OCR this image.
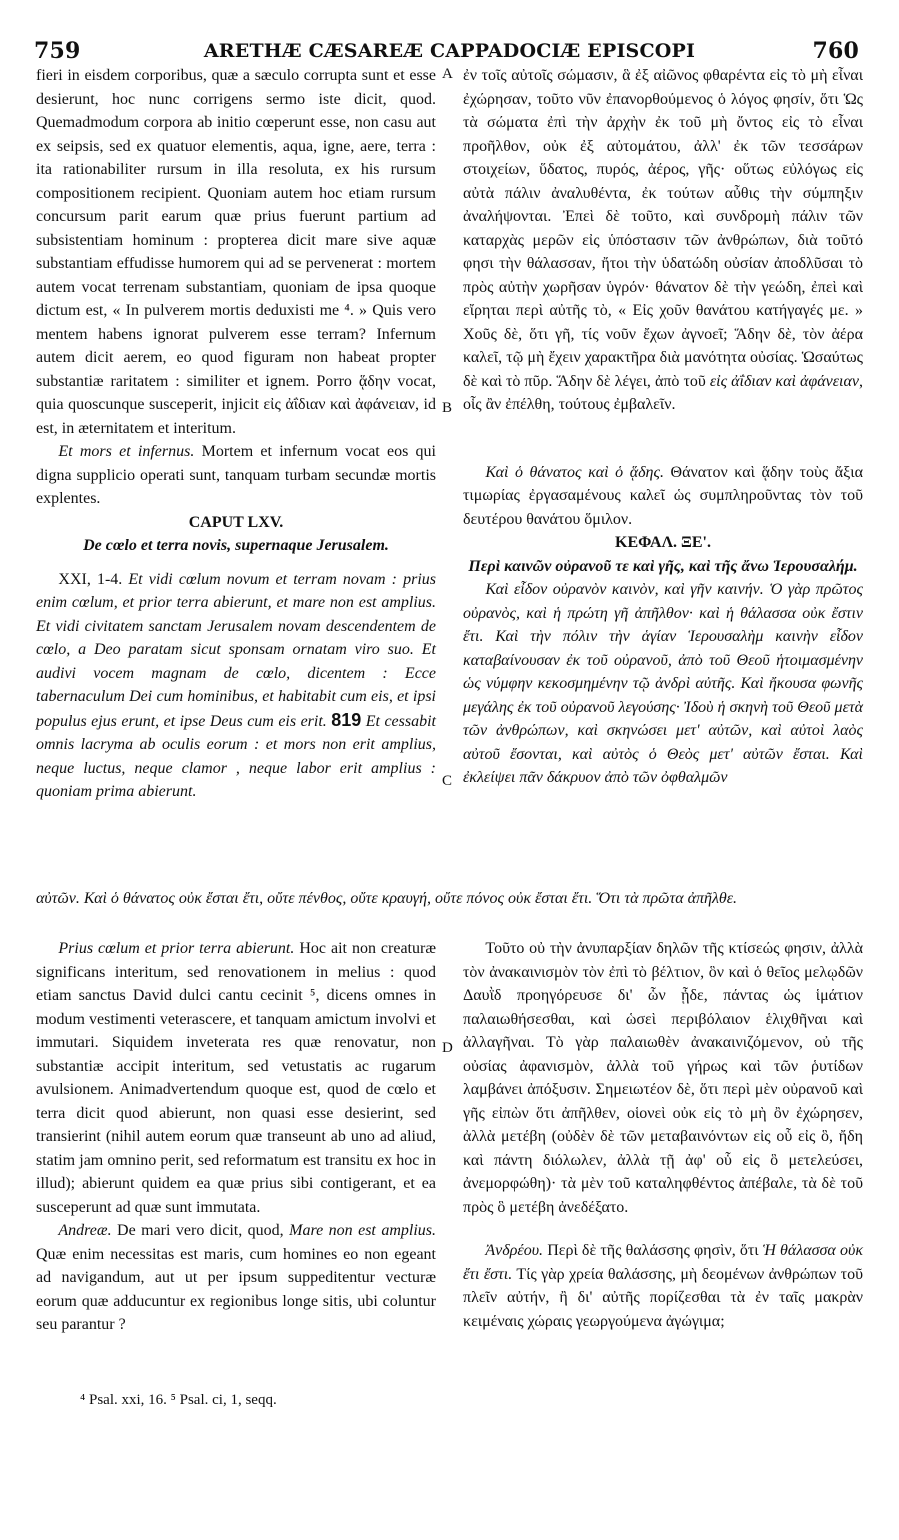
759	ARETHÆ CÆSAREÆ CAPPADOCIÆ EPISCOPI	760
A
B
C
D

fieri in eisdem corporibus, quæ a sæculo corrupta sunt et esse desierunt, hoc nunc corrigens sermo iste dicit, quod. Quemadmodum corpora ab initio cœperunt esse, non casu aut ex seipsis, sed ex quatuor elementis, aqua, igne, aere, terra : ita rationabiliter rursum in illa resoluta, ex his rursum compositionem recipient. Quoniam autem hoc etiam rursum concursum parit earum quæ prius fuerunt partium ad subsistentiam hominum : propterea dicit mare sive aquæ substantiam effudisse humorem qui ad se pervenerat : mortem autem vocat terrenam substantiam, quoniam de ipsa quoque dictum est, « In pulverem mortis deduxisti me ⁴. » Quis vero mentem habens ignorat pulverem esse terram? Infernum autem dicit aerem, eo quod figuram non habeat propter substantiæ raritatem : similiter et ignem. Porro ᾅδην vocat, quia quoscunque susceperit, injicit εἰς ἀΐδιαν καὶ ἀφάνειαν, id est, in æternitatem et interitum.

Et mors et infernus. Mortem et infernum vocat eos qui digna supplicio operati sunt, tanquam turbam secundæ mortis explentes.

CAPUT LXV.

De cœlo et terra novis, supernaque Jerusalem.

XXI, 1-4. Et vidi cœlum novum et terram novam : prius enim cœlum, et prior terra abierunt, et mare non est amplius. Et vidi civitatem sanctam Jerusalem novam descendentem de cœlo, a Deo paratam sicut sponsam ornatam viro suo. Et audivi vocem magnam de cœlo, dicentem : Ecce tabernaculum Dei cum hominibus, et habitabit cum eis, et ipsi populus ejus erunt, et ipse Deus cum eis erit. 819 Et cessabit omnis lacryma ab oculis eorum : et mors non erit amplius, neque luctus, neque clamor , neque labor erit amplius : quoniam prima abierunt.

ἐν τοῖς αὐτοῖς σώμασιν, ἃ ἐξ αἰῶνος φθαρέντα εἰς τὸ μὴ εἶναι ἐχώρησαν, τοῦτο νῦν ἐπανορθούμενος ὁ λόγος φησίν, ὅτι Ὡς τὰ σώματα ἐπὶ τὴν ἀρχὴν ἐκ τοῦ μὴ ὄντος εἰς τὸ εἶναι προῆλθον, οὐκ ἐξ αὐτομάτου, ἀλλ' ἐκ τῶν τεσσάρων στοιχείων, ὕδατος, πυρός, ἀέρος, γῆς· οὕτως εὐλόγως εἰς αὐτὰ πάλιν ἀναλυθέντα, ἐκ τούτων αὖθις τὴν σύμπηξιν ἀναλήψονται. Ἐπεὶ δὲ τοῦτο, καὶ συνδρομὴ πάλιν τῶν καταρχὰς μερῶν εἰς ὑπόστασιν τῶν ἀνθρώπων, διὰ τοῦτό φησι τὴν θάλασσαν, ἤτοι τὴν ὑδατώδη οὐσίαν ἀποδλῦσαι τὸ πρὸς αὐτὴν χωρῆσαν ὑγρόν· θάνατον δὲ τὴν γεώδη, ἐπεὶ καὶ εἴρηται περὶ αὐτῆς τὸ, « Εἰς χοῦν θανάτου κατήγαγές με. » Χοῦς δὲ, ὅτι γῆ, τίς νοῦν ἔχων ἀγνοεῖ; Ἅδην δὲ, τὸν ἀέρα καλεῖ, τῷ μὴ ἔχειν χαρακτῆρα διὰ μανότητα οὐσίας. Ὡσαύτως δὲ καὶ τὸ πῦρ. Ἅδην δὲ λέγει, ἀπὸ τοῦ εἰς ἀΐδιαν καὶ ἀφάνειαν, οἷς ἂν ἐπέλθη, τούτους ἐμβαλεῖν.

Καὶ ὁ θάνατος καὶ ὁ ᾅδης. Θάνατον καὶ ᾅδην τοὺς ἄξια τιμωρίας ἐργασαμένους καλεῖ ὡς συμπληροῦντας τὸν τοῦ δευτέρου θανάτου ὅμιλον.

ΚΕΦΑΛ. ΞΕ'.

Περὶ καινῶν οὐρανοῦ τε καὶ γῆς, καὶ τῆς ἄνω Ἱερουσαλήμ.

Καὶ εἶδον οὐρανὸν καινὸν, καὶ γῆν καινήν. Ὁ γὰρ πρῶτος οὐρανὸς, καὶ ἡ πρώτη γῆ ἀπῆλθον· καὶ ἡ θάλασσα οὐκ ἔστιν ἔτι. Καὶ τὴν πόλιν τὴν ἁγίαν Ἱερουσαλὴμ καινὴν εἶδον καταβαίνουσαν ἐκ τοῦ οὐρανοῦ, ἀπὸ τοῦ Θεοῦ ἡτοιμασμένην ὡς νύμφην κεκοσμημένην τῷ ἀνδρὶ αὐτῆς. Καὶ ἤκουσα φωνῆς μεγάλης ἐκ τοῦ οὐρανοῦ λεγούσης· Ἰδοὺ ἡ σκηνὴ τοῦ Θεοῦ μετὰ τῶν ἀνθρώπων, καὶ σκηνώσει μετ' αὐτῶν, καὶ αὐτοὶ λαὸς αὐτοῦ ἔσονται, καὶ αὐτὸς ὁ Θεὸς μετ' αὐτῶν ἔσται. Καὶ ἐκλείψει πᾶν δάκρυον ἀπὸ τῶν ὀφθαλμῶν

αὐτῶν. Καὶ ὁ θάνατος οὐκ ἔσται ἔτι, οὔτε πένθος, οὔτε κραυγή, οὔτε πόνος οὐκ ἔσται ἔτι. Ὅτι τὰ πρῶτα ἀπῆλθε.

Prius cœlum et prior terra abierunt. Hoc ait non creaturæ significans interitum, sed renovationem in melius : quod etiam sanctus David dulci cantu cecinit ⁵, dicens omnes in modum vestimenti veterascere, et tanquam amictum involvi et immutari. Siquidem inveterata res quæ renovatur, non substantiæ accipit interitum, sed vetustatis ac rugarum avulsionem. Animadvertendum quoque est, quod de cœlo et terra dicit quod abierunt, non quasi esse desierint, sed transierint (nihil autem eorum quæ transeunt ab uno ad aliud, statim jam omnino perit, sed reformatum est transitu ex hoc in illud); abierunt quidem ea quæ prius sibi contigerant, et ea susceperunt ad quæ sunt immutata.

Andreæ. De mari vero dicit, quod, Mare non est amplius. Quæ enim necessitas est maris, cum homines eo non egeant ad navigandum, aut ut per ipsum suppeditentur vecturæ eorum quæ adducuntur ex regionibus longe sitis, ubi coluntur seu parantur ?

Τοῦτο οὐ τὴν ἀνυπαρξίαν δηλῶν τῆς κτίσεώς φησιν, ἀλλὰ τὸν ἀνακαινισμὸν τὸν ἐπὶ τὸ βέλτιον, ὃν καὶ ὁ θεῖος μελῳδῶν Δαυῒδ προηγόρευσε δι' ὧν ᾖδε, πάντας ὡς ἱμάτιον παλαιωθήσεσθαι, καὶ ὡσεὶ περιβόλαιον ἑλιχθῆναι καὶ ἀλλαγῆναι. Τὸ γὰρ παλαιωθὲν ἀνακαινιζόμενον, οὐ τῆς οὐσίας ἀφανισμὸν, ἀλλὰ τοῦ γήρως καὶ τῶν ῥυτίδων λαμβάνει ἀπόξυσιν. Σημειωτέον δὲ, ὅτι περὶ μὲν οὐρανοῦ καὶ γῆς εἰπὼν ὅτι ἀπῆλθεν, οἱονεὶ οὐκ εἰς τὸ μὴ ὂν ἐχώρησεν, ἀλλὰ μετέβη (οὐδὲν δὲ τῶν μεταβαινόντων εἰς οὗ εἰς ὃ, ἤδη καὶ πάντη διόλωλεν, ἀλλὰ τῇ ἀφ' οὗ εἰς ὃ μετελεύσει, ἀνεμορφώθη)· τὰ μὲν τοῦ καταληφθέντος ἀπέβαλε, τὰ δὲ τοῦ πρὸς ὃ μετέβη ἀνεδέξατο.

Ἀνδρέου. Περὶ δὲ τῆς θαλάσσης φησὶν, ὅτι Ἡ θάλασσα οὐκ ἔτι ἔστι. Τίς γὰρ χρεία θαλάσσης, μὴ δεομένων ἀνθρώπων τοῦ πλεῖν αὐτήν, ἢ δι' αὐτῆς πορίζεσθαι τὰ ἐν ταῖς μακρὰν κειμέναις χώραις γεωργούμενα ἀγώγιμα;

⁴ Psal. xxi, 16. ⁵ Psal. ci, 1, seqq.
